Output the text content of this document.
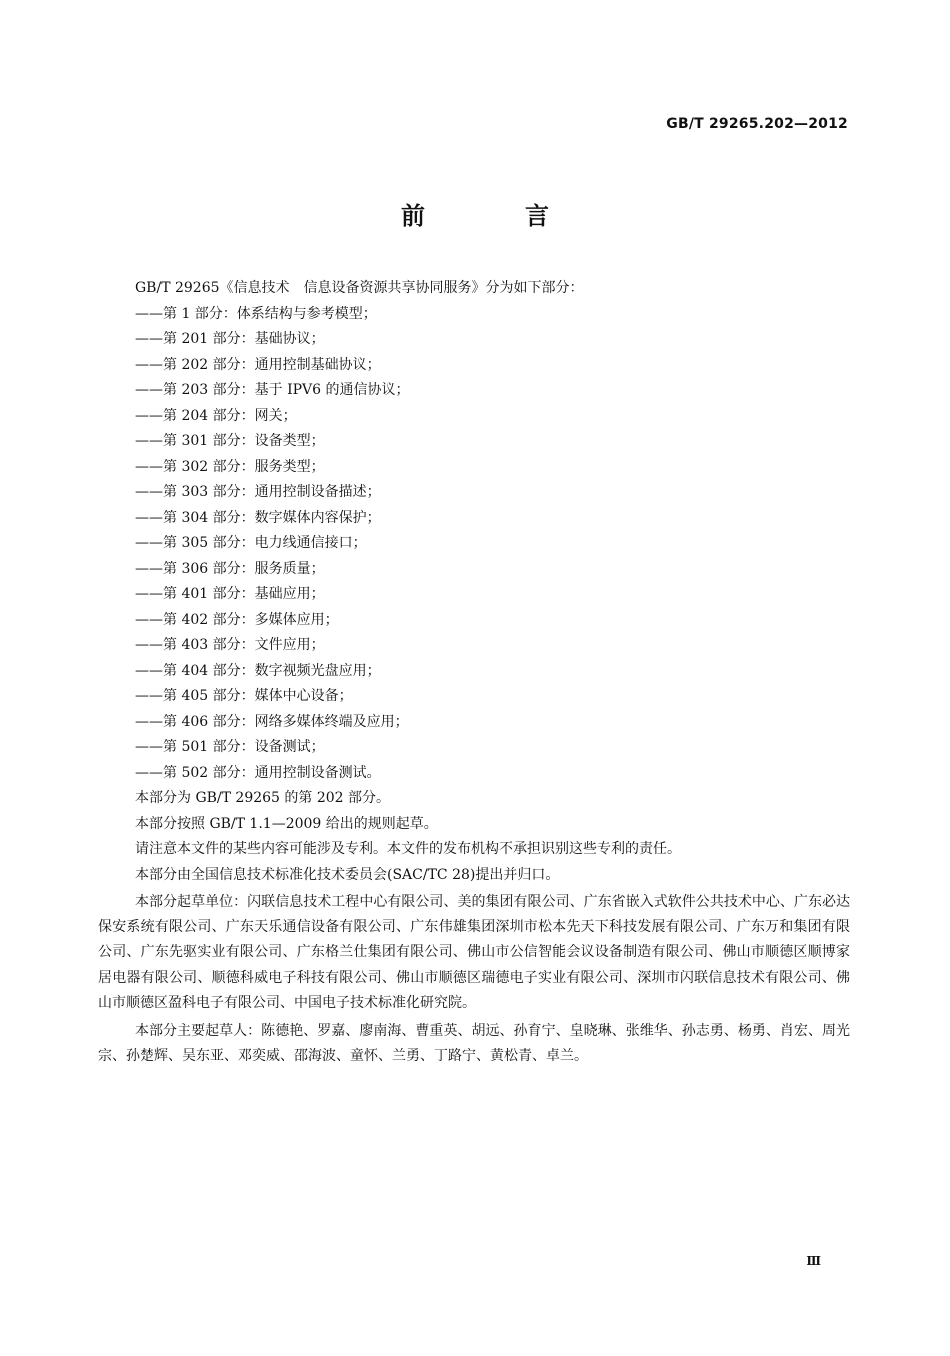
GB/T 29265.202—2012
前　言
GB/T 29265《信息技术　信息设备资源共享协同服务》分为如下部分：
——第 1 部分：体系结构与参考模型；
——第 201 部分：基础协议；
——第 202 部分：通用控制基础协议；
——第 203 部分：基于 IPV6 的通信协议；
——第 204 部分：网关；
——第 301 部分：设备类型；
——第 302 部分：服务类型；
——第 303 部分：通用控制设备描述；
——第 304 部分：数字媒体内容保护；
——第 305 部分：电力线通信接口；
——第 306 部分：服务质量；
——第 401 部分：基础应用；
——第 402 部分：多媒体应用；
——第 403 部分：文件应用；
——第 404 部分：数字视频光盘应用；
——第 405 部分：媒体中心设备；
——第 406 部分：网络多媒体终端及应用；
——第 501 部分：设备测试；
——第 502 部分：通用控制设备测试。
本部分为 GB/T 29265 的第 202 部分。
本部分按照 GB/T 1.1—2009 给出的规则起草。
请注意本文件的某些内容可能涉及专利。本文件的发布机构不承担识别这些专利的责任。
本部分由全国信息技术标准化技术委员会(SAC/TC 28)提出并归口。
本部分起草单位：闪联信息技术工程中心有限公司、美的集团有限公司、广东省嵌入式软件公共技术中心、广东必达保安系统有限公司、广东天乐通信设备有限公司、广东伟雄集团深圳市松本先天下科技发展有限公司、广东万和集团有限公司、广东先驱实业有限公司、广东格兰仕集团有限公司、佛山市公信智能会议设备制造有限公司、佛山市顺德区顺博家居电器有限公司、顺德科威电子科技有限公司、佛山市顺德区瑞德电子实业有限公司、深圳市闪联信息技术有限公司、佛山市顺德区盈科电子有限公司、中国电子技术标准化研究院。
本部分主要起草人：陈德艳、罗嘉、廖南海、曹重英、胡远、孙育宁、皇晓琳、张维华、孙志勇、杨勇、肖宏、周光宗、孙楚辉、吴东亚、邓奕威、邵海波、童怀、兰勇、丁路宁、黄松青、卓兰。
Ⅲ
